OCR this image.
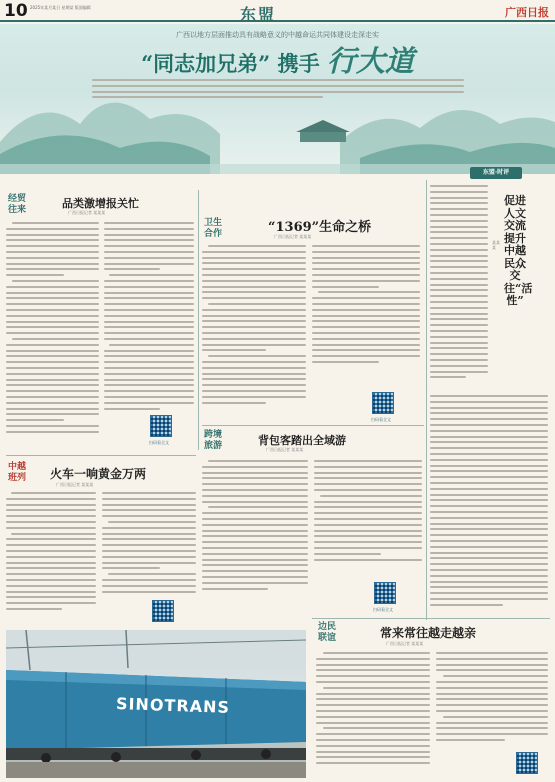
10 2025年某月某日 星期某 版面编辑	东盟	广西日报
广西以地方层面推动具有战略意义的中越命运共同体建设走深走实
“同志加兄弟” 携手 行大道
东盟·时评
促进人文交流提升中越民众交往“活性”
某某某
经贸往来	品类激增报关忙
广西日报记者 某某某
扫码看全文
卫生合作	“1369”生命之桥
广西日报记者 某某某
扫码看全文
跨境旅游	背包客踏出全域游
广西日报记者 某某某
扫码看全文
中越班列 火车一响黄金万两
广西日报记者 某某某
SINOTRANS
边民联谊	常来常往越走越亲
广西日报记者 某某某
